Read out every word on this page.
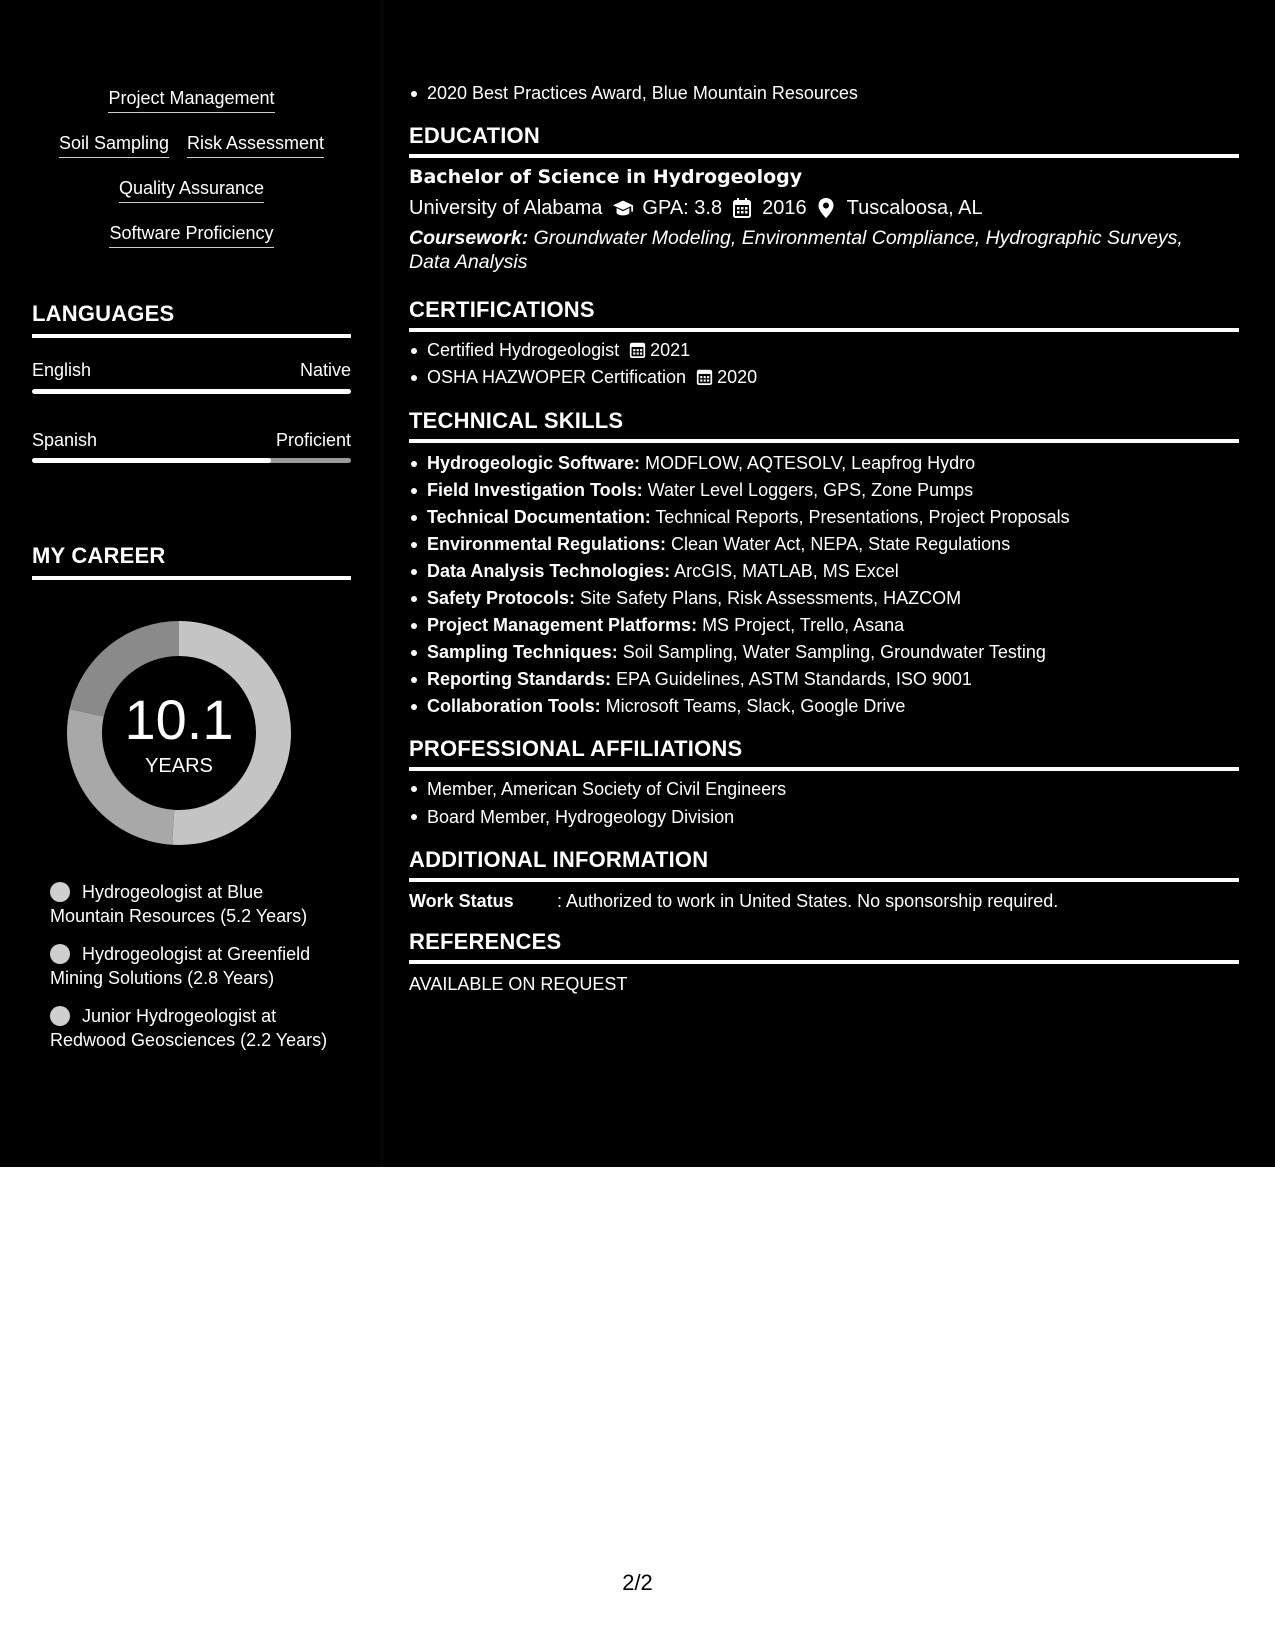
Project Management
Soil Sampling Risk Assessment
Quality Assurance
Software Proficiency
LANGUAGES
English	Native
Spanish	Proficient
MY CAREER
10.1
YEARS
Hydrogeologist at Blue Mountain Resources (5.2 Years)
Hydrogeologist at Greenfield Mining Solutions (2.8 Years)
Junior Hydrogeologist at Redwood Geosciences (2.2 Years)
2020 Best Practices Award, Blue Mountain Resources
EDUCATION
Bachelor of Science in Hydrogeology
University of Alabama GPA: 3.8 2016 Tuscaloosa, AL
Coursework: Groundwater Modeling, Environmental Compliance, Hydrographic Surveys, Data Analysis
CERTIFICATIONS
Certified Hydrogeologist 2021
OSHA HAZWOPER Certification 2020
TECHNICAL SKILLS
Hydrogeologic Software: MODFLOW, AQTESOLV, Leapfrog Hydro
Field Investigation Tools: Water Level Loggers, GPS, Zone Pumps
Technical Documentation: Technical Reports, Presentations, Project Proposals
Environmental Regulations: Clean Water Act, NEPA, State Regulations
Data Analysis Technologies: ArcGIS, MATLAB, MS Excel
Safety Protocols: Site Safety Plans, Risk Assessments, HAZCOM
Project Management Platforms: MS Project, Trello, Asana
Sampling Techniques: Soil Sampling, Water Sampling, Groundwater Testing
Reporting Standards: EPA Guidelines, ASTM Standards, ISO 9001
Collaboration Tools: Microsoft Teams, Slack, Google Drive
PROFESSIONAL AFFILIATIONS
Member, American Society of Civil Engineers
Board Member, Hydrogeology Division
ADDITIONAL INFORMATION
Work Status : Authorized to work in United States. No sponsorship required.
REFERENCES
AVAILABLE ON REQUEST
2/2
